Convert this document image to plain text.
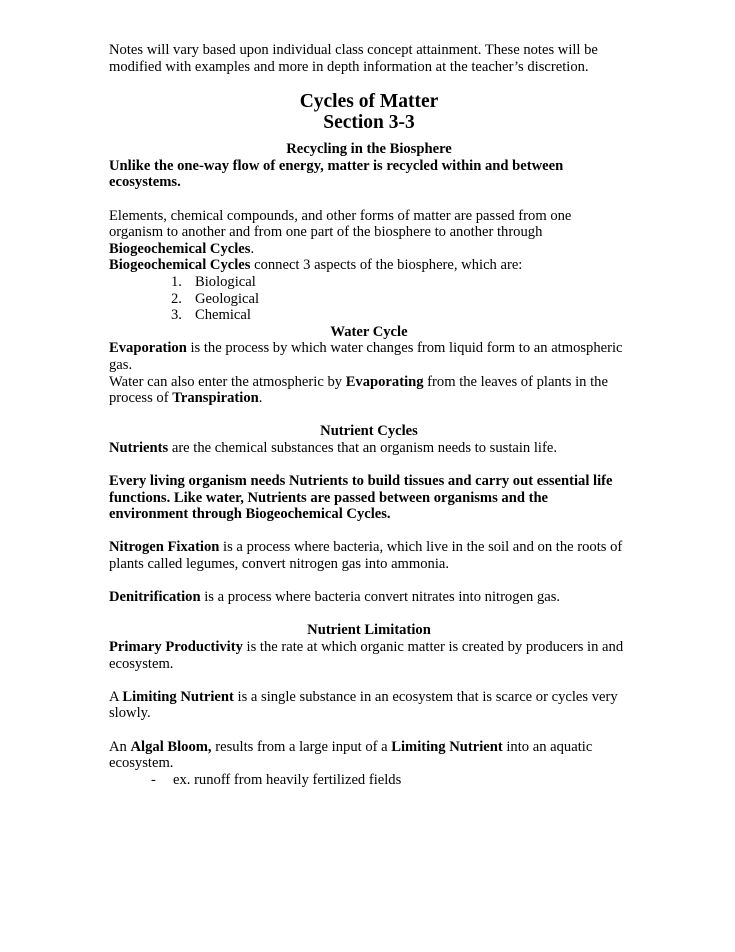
Notes will vary based upon individual class concept attainment. These notes will be modified with examples and more in depth information at the teacher’s discretion.

Cycles of Matter
Section 3-3

Recycling in the Biosphere

Unlike the one-way flow of energy, matter is recycled within and between ecosystems.

Elements, chemical compounds, and other forms of matter are passed from one organism to another and from one part of the biosphere to another through Biogeochemical Cycles.

Biogeochemical Cycles connect 3 aspects of the biosphere, which are:

1. Biological
2. Geological
3. Chemical

Water Cycle

Evaporation is the process by which water changes from liquid form to an atmospheric gas.

Water can also enter the atmospheric by Evaporating from the leaves of plants in the process of Transpiration.

Nutrient Cycles

Nutrients are the chemical substances that an organism needs to sustain life.

Every living organism needs Nutrients to build tissues and carry out essential life functions. Like water, Nutrients are passed between organisms and the environment through Biogeochemical Cycles.

Nitrogen Fixation is a process where bacteria, which live in the soil and on the roots of plants called legumes, convert nitrogen gas into ammonia.

Denitrification is a process where bacteria convert nitrates into nitrogen gas.

Nutrient Limitation

Primary Productivity is the rate at which organic matter is created by producers in and ecosystem.

A Limiting Nutrient is a single substance in an ecosystem that is scarce or cycles very slowly.

An Algal Bloom, results from a large input of a Limiting Nutrient into an aquatic ecosystem.

- ex. runoff from heavily fertilized fields
